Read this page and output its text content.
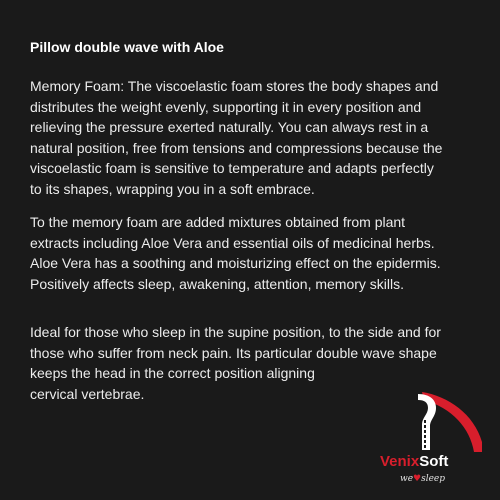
Pillow double wave with Aloe
Memory Foam: The viscoelastic foam stores the body shapes and
distributes the weight evenly, supporting it in every position and
relieving the pressure exerted naturally. You can always rest in a
natural position, free from tensions and compressions because the
viscoelastic foam is sensitive to temperature and adapts perfectly
to its shapes, wrapping you in a soft embrace.
To the memory foam are added mixtures obtained from plant
extracts including Aloe Vera and essential oils of medicinal herbs.
Aloe Vera has a soothing and moisturizing effect on the epidermis.
Positively affects sleep, awakening, attention, memory skills.
Ideal for those who sleep in the supine position, to the side and for
those who suffer from neck pain. Its particular double wave shape
keeps the head in the correct position aligning
cervical vertebrae.
VenixSoft
we♥sleep
